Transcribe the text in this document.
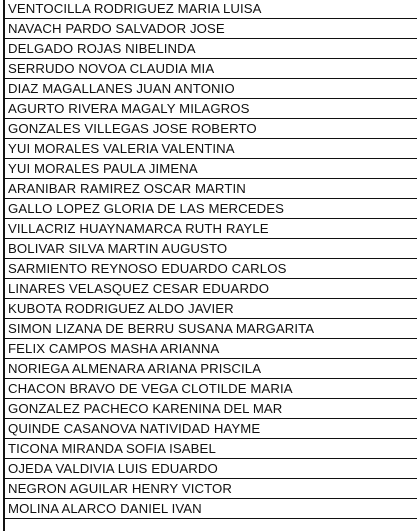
VENTOCILLA RODRIGUEZ MARIA LUISA
NAVACH PARDO SALVADOR JOSE
DELGADO ROJAS NIBELINDA
SERRUDO NOVOA CLAUDIA MIA
DIAZ MAGALLANES JUAN ANTONIO
AGURTO RIVERA MAGALY MILAGROS
GONZALES VILLEGAS JOSE ROBERTO
YUI MORALES VALERIA VALENTINA
YUI MORALES PAULA JIMENA
ARANIBAR RAMIREZ OSCAR MARTIN
GALLO LOPEZ GLORIA DE LAS MERCEDES
VILLACRIZ HUAYNAMARCA RUTH RAYLE
BOLIVAR SILVA MARTIN AUGUSTO
SARMIENTO REYNOSO EDUARDO CARLOS
LINARES VELASQUEZ CESAR EDUARDO
KUBOTA RODRIGUEZ ALDO JAVIER
SIMON LIZANA DE BERRU SUSANA MARGARITA
FELIX CAMPOS MASHA ARIANNA
NORIEGA ALMENARA ARIANA PRISCILA
CHACON BRAVO DE VEGA CLOTILDE MARIA
GONZALEZ PACHECO KARENINA DEL MAR
QUINDE CASANOVA NATIVIDAD HAYME
TICONA MIRANDA SOFIA ISABEL
OJEDA VALDIVIA LUIS EDUARDO
NEGRON AGUILAR HENRY VICTOR
MOLINA ALARCO DANIEL IVAN
